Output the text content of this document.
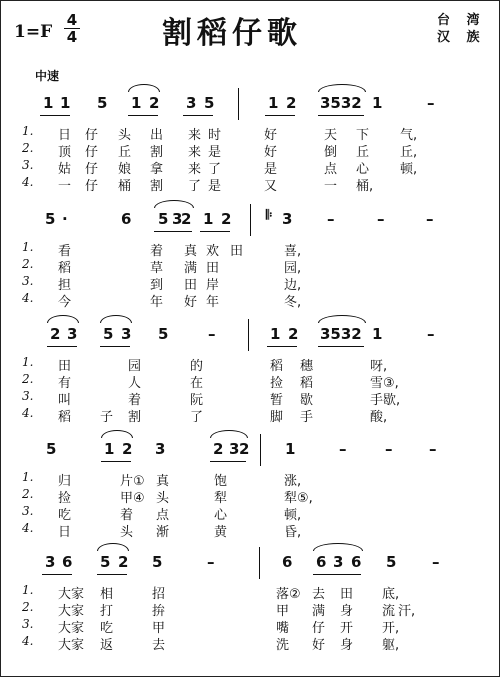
1=F
4
4	割稻仔歌	台 湾
汉 族
中速
1 1 5 1 2 3 5	1 2 3532 1	–
1. 日 仔 头 出 来 时	好	天 下 气,
2. 顶 仔 丘 割 来 是	好	倒 丘 丘,
3. 姑 仔 娘 拿 来 了	是	点 心 顿,
4. 一 仔 桶 割 了 是	又	一 桶,
5 ·	6 5 3
2 1 2	3 –	–	–
1. 看	着 真 欢 田	喜,
2. 稻	草 满 田	园,
3. 担	到 田 岸	边,
4. 今	年 好 年	冬,
2 3 5 3 5	–	1 2 3532 1	–
1. 田	园	的	稻 穗	呀,
2. 有	人	在	捡 稻	雪③,
3. 叫	着	阮	暂 歇	手歇,
4. 稻 子 割	了	脚 手	酸,
5	1 2 3	2 3 2 1	–	– –
1. 归	片① 真	饱	涨,
2. 捡	甲④ 头	犁	犁⑤,
3. 吃	着 点	心	顿,
4. 日	头 渐	黄	昏,
3 6 5 2 5	–	6 6 3 6 5 –
1. 大家 相	招	落② 去 田 底,
2. 大家 打	拚	甲 满 身 流 汗,
3. 大家 吃	甲	嘴 仔 开 开,
4. 大家 返	去	洗 好 身 躯,
𝄆
